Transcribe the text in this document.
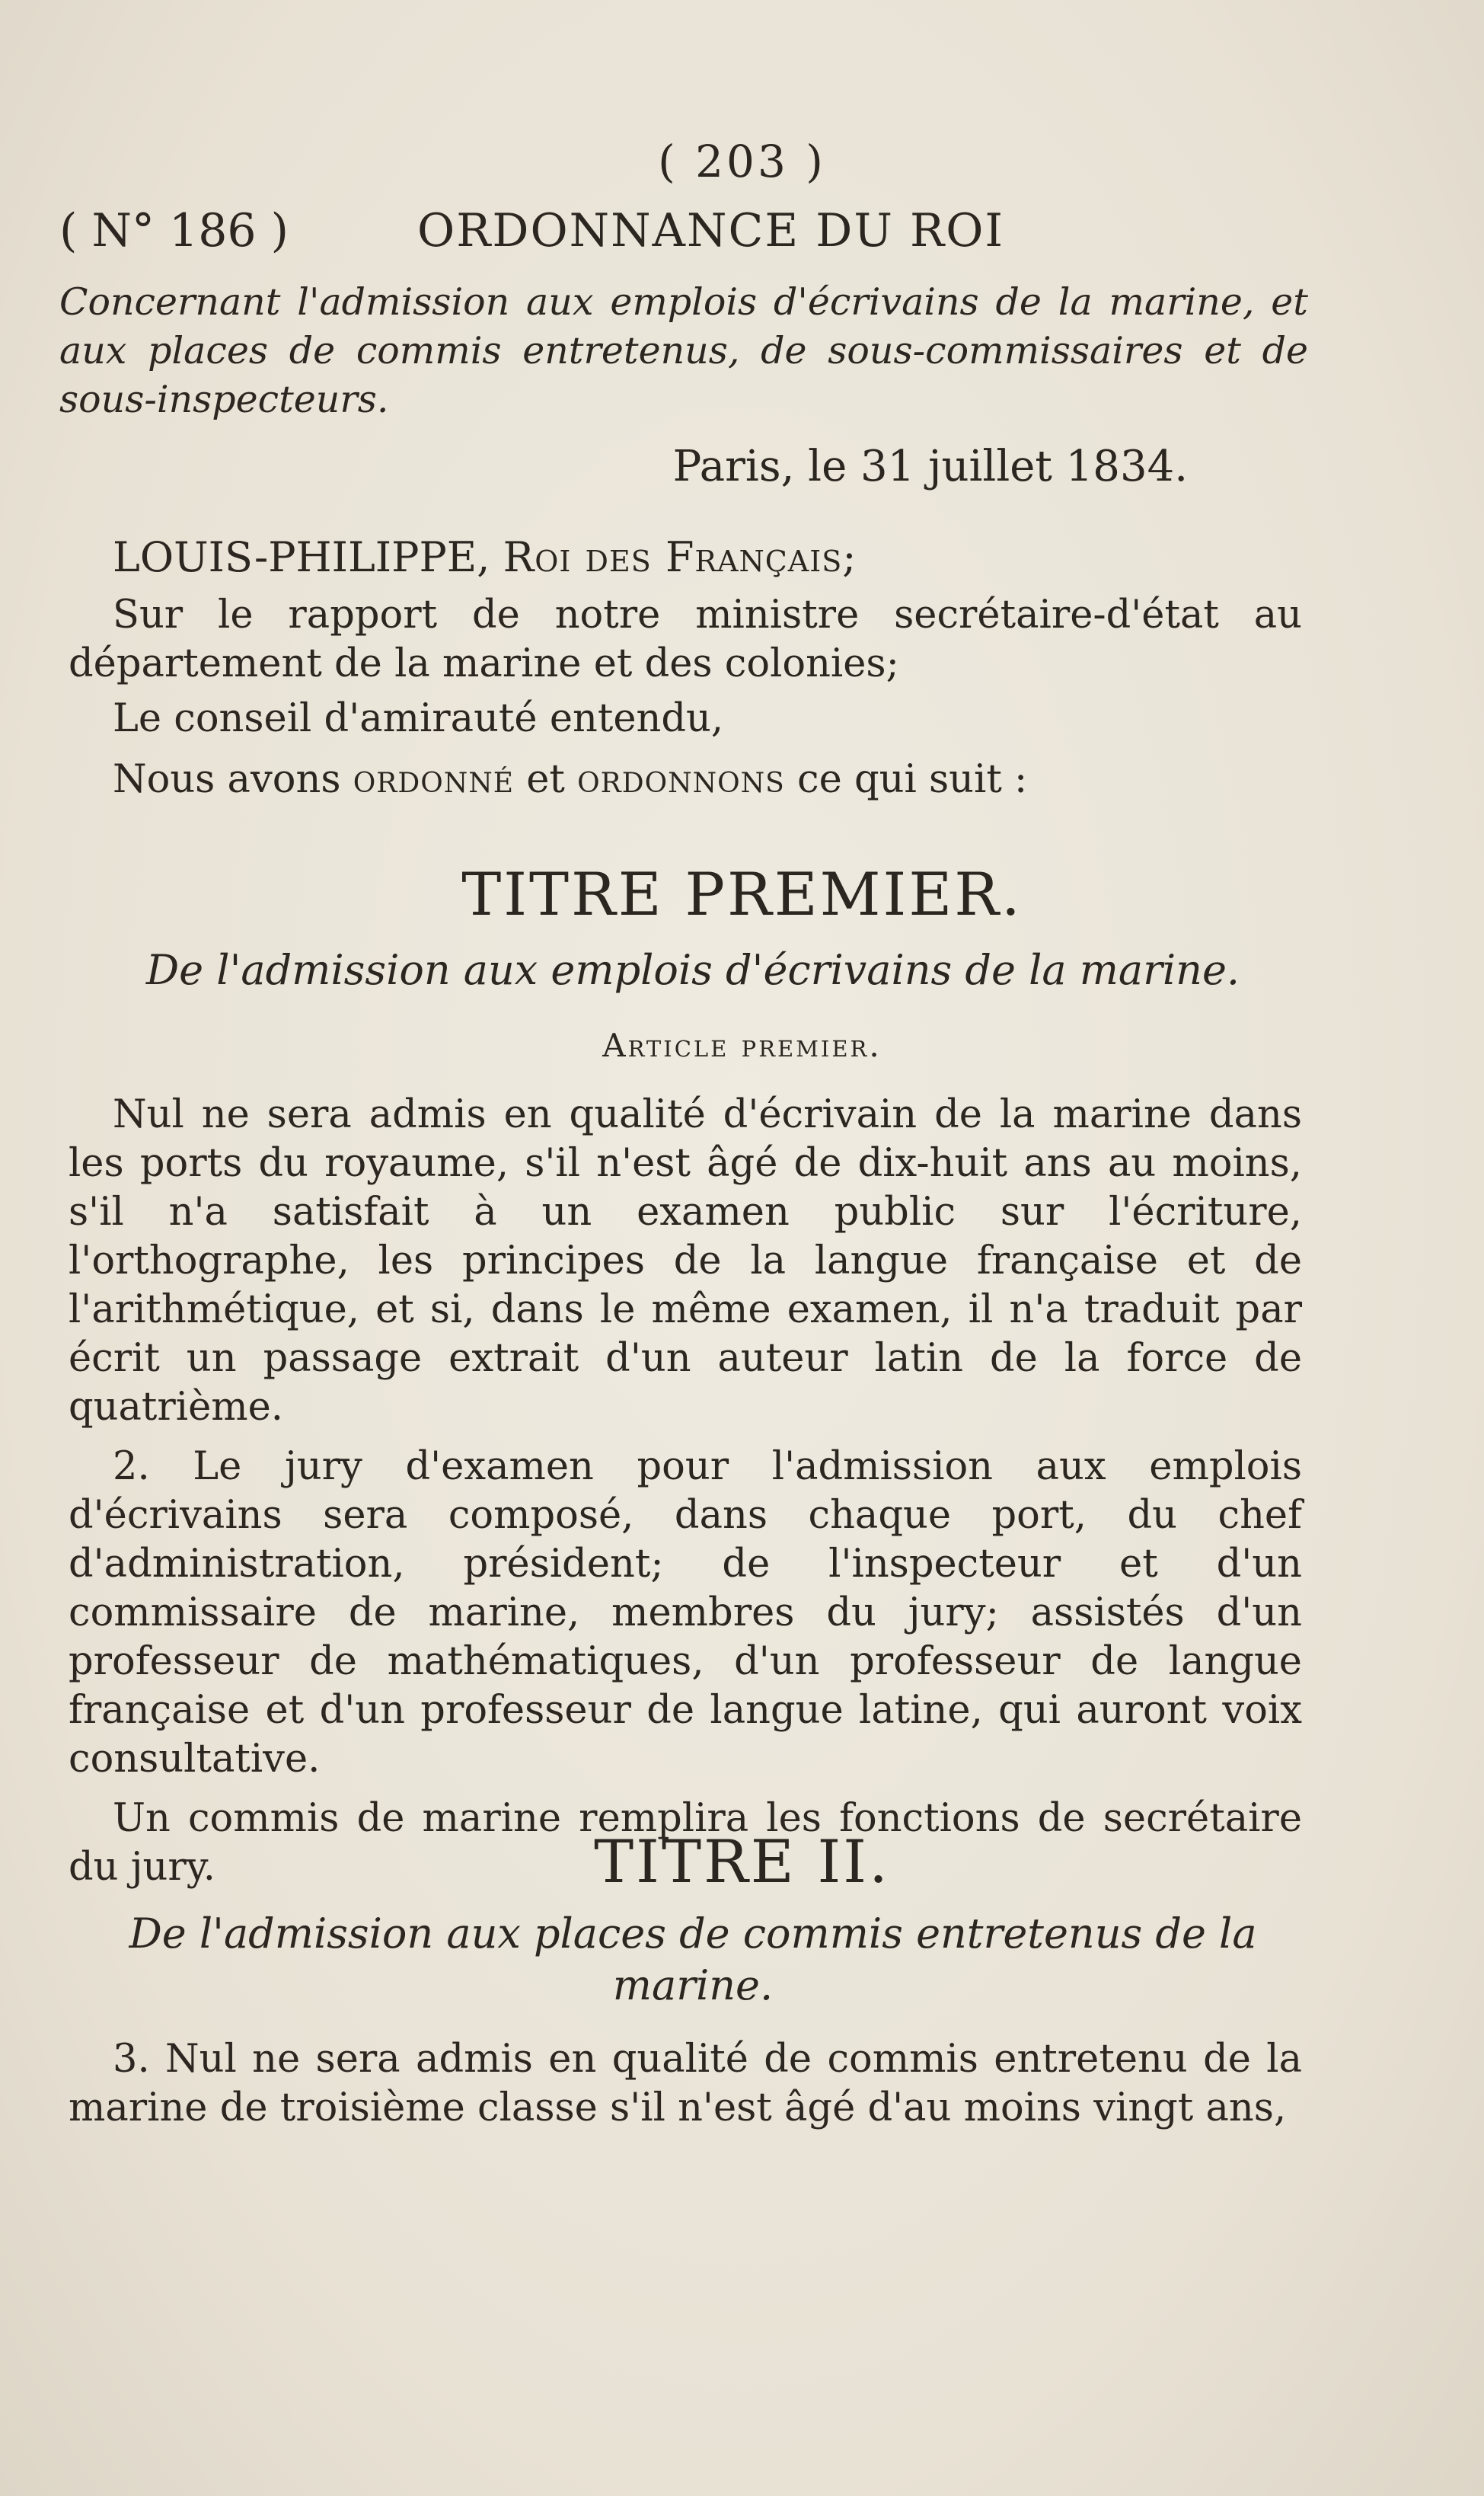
( 203 )
( N° 186 )	ORDONNANCE DU ROI
Concernant l'admission aux emplois d'écrivains de la marine, et aux places de commis entretenus, de sous-commissaires et de sous-inspecteurs.
Paris, le 31 juillet 1834.

LOUIS-PHILIPPE, Roi des Français;

Sur le rapport de notre ministre secrétaire-d'état au département de la marine et des colonies;

Le conseil d'amirauté entendu,

Nous avons ordonné et ordonnons ce qui suit :

TITRE PREMIER.
De l'admission aux emplois d'écrivains de la marine.
Article premier.

Nul ne sera admis en qualité d'écrivain de la marine dans les ports du royaume, s'il n'est âgé de dix-huit ans au moins, s'il n'a satisfait à un examen public sur l'écriture, l'orthographe, les principes de la langue française et de l'arithmétique, et si, dans le même examen, il n'a traduit par écrit un passage extrait d'un auteur latin de la force de quatrième.

2. Le jury d'examen pour l'admission aux emplois d'écrivains sera composé, dans chaque port, du chef d'administration, président; de l'inspecteur et d'un commissaire de marine, membres du jury; assistés d'un professeur de mathématiques, d'un professeur de langue française et d'un professeur de langue latine, qui auront voix consultative.

Un commis de marine remplira les fonctions de secrétaire du jury.	TITRE II.
De l'admission aux places de commis entretenus de la marine.

3. Nul ne sera admis en qualité de commis entretenu de la marine de troisième classe s'il n'est âgé d'au moins vingt ans,
